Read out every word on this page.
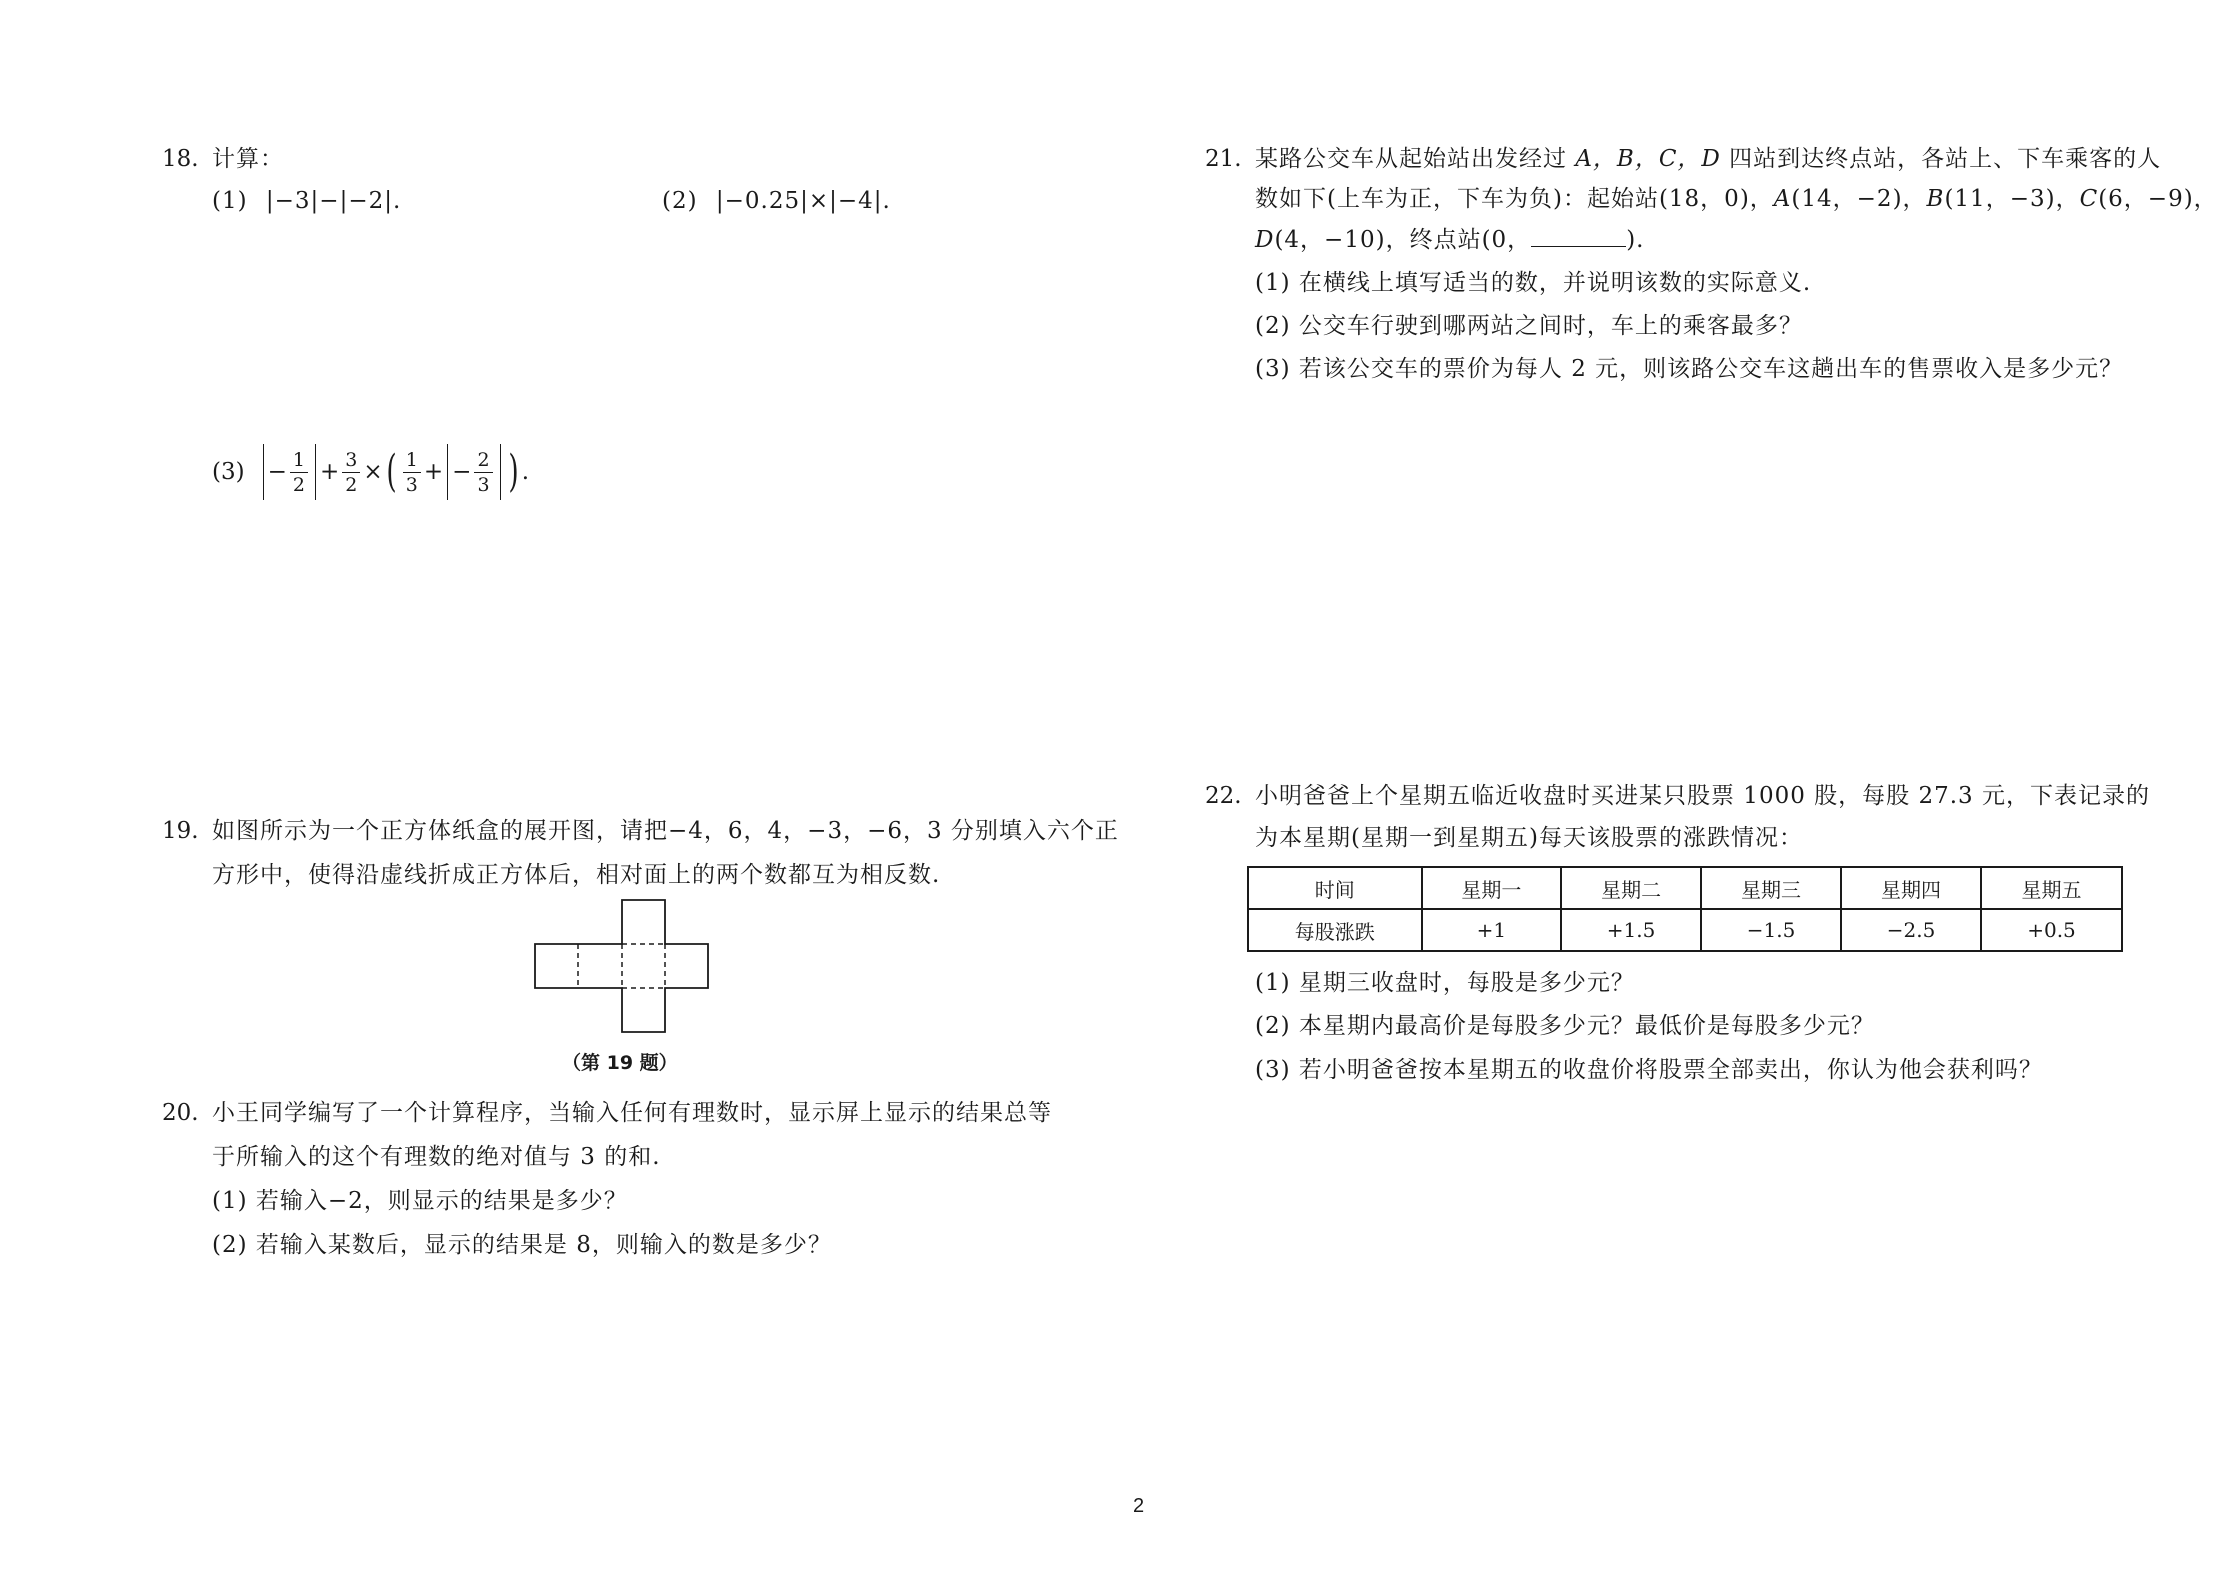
18. 计算：
(1) |−3|−|−2|.	(2) |−0.25|×|−4|.
$(3) - \frac{1}{2} + \frac{3}{2}$ × ( $\frac{1}{3}$ + − $\frac{2}{3}$ ) .
19. 如图所示为一个正方体纸盒的展开图，请把−4，6，4，−3，−6，3 分别填入六个正
方形中，使得沿虚线折成正方体后，相对面上的两个数都互为相反数.
（第 19 题）
20. 小王同学编写了一个计算程序，当输入任何有理数时，显示屏上显示的结果总等
于所输入的这个有理数的绝对值与 3 的和.
(1) 若输入−2，则显示的结果是多少？
(2) 若输入某数后，显示的结果是 8，则输入的数是多少？
21. 某路公交车从起始站出发经过 A，B，C，D 四站到达终点站，各站上、下车乘客的人
数如下(上车为正，下车为负)：起始站(18，0)，A(14，−2)，B(11，−3)，C(6，−9)，
D(4，−10)，终点站(0，	).
(1) 在横线上填写适当的数，并说明该数的实际意义.
(2) 公交车行驶到哪两站之间时，车上的乘客最多？
(3) 若该公交车的票价为每人 2 元，则该路公交车这趟出车的售票收入是多少元？
22. 小明爸爸上个星期五临近收盘时买进某只股票 1000 股，每股 27.3 元，下表记录的
为本星期(星期一到星期五)每天该股票的涨跌情况：
时间	星期一	星期二	星期三	星期四	星期五
每股涨跌	+1	+1.5	−1.5	−2.5	+0.5
(1) 星期三收盘时，每股是多少元？
(2) 本星期内最高价是每股多少元？最低价是每股多少元？
(3) 若小明爸爸按本星期五的收盘价将股票全部卖出，你认为他会获利吗？
2
